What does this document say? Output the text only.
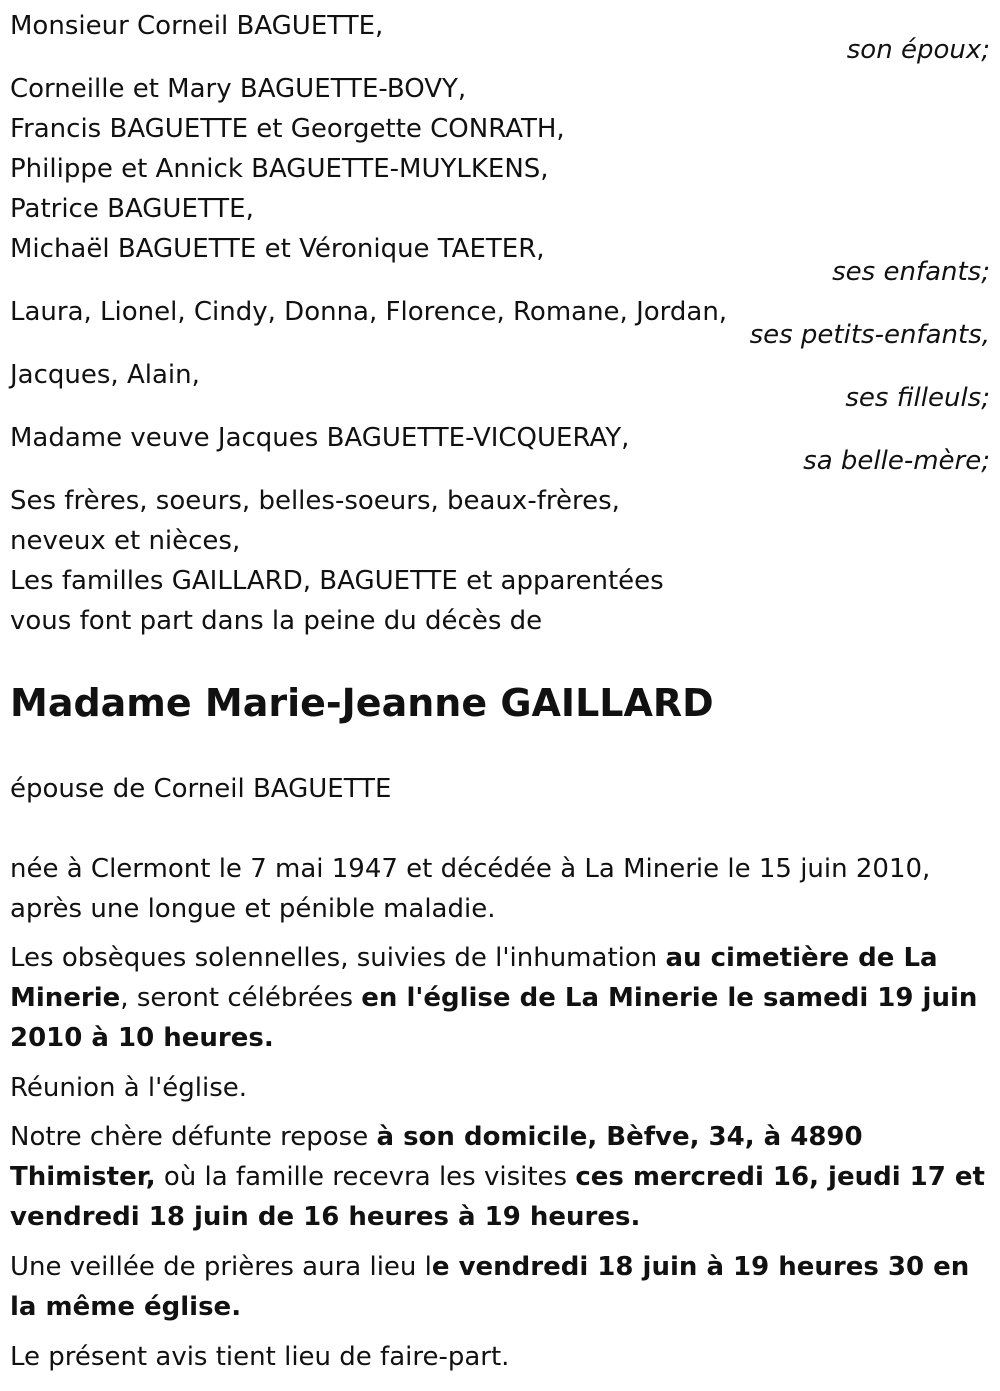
Monsieur Corneil BAGUETTE,
son époux;
Corneille et Mary BAGUETTE-BOVY,
Francis BAGUETTE et Georgette CONRATH,
Philippe et Annick BAGUETTE-MUYLKENS,
Patrice BAGUETTE,
Michaël BAGUETTE et Véronique TAETER,
ses enfants;
Laura, Lionel, Cindy, Donna, Florence, Romane, Jordan,
ses petits-enfants,
Jacques, Alain,
ses filleuls;
Madame veuve Jacques BAGUETTE-VICQUERAY,
sa belle-mère;
Ses frères, soeurs, belles-soeurs, beaux-frères,
neveux et nièces,
Les familles GAILLARD, BAGUETTE et apparentées
vous font part dans la peine du décès de
Madame Marie-Jeanne GAILLARD
épouse de Corneil BAGUETTE
née à Clermont le 7 mai 1947 et décédée à La Minerie le 15 juin 2010, après une longue et pénible maladie.
Les obsèques solennelles, suivies de l'inhumation au cimetière de La Minerie, seront célébrées en l'église de La Minerie le samedi 19 juin 2010 à 10 heures.
Réunion à l'église.
Notre chère défunte repose à son domicile, Bèfve, 34, à 4890 Thimister, où la famille recevra les visites ces mercredi 16, jeudi 17 et vendredi 18 juin de 16 heures à 19 heures.
Une veillée de prières aura lieu le vendredi 18 juin à 19 heures 30 en la même église.
Le présent avis tient lieu de faire-part.
